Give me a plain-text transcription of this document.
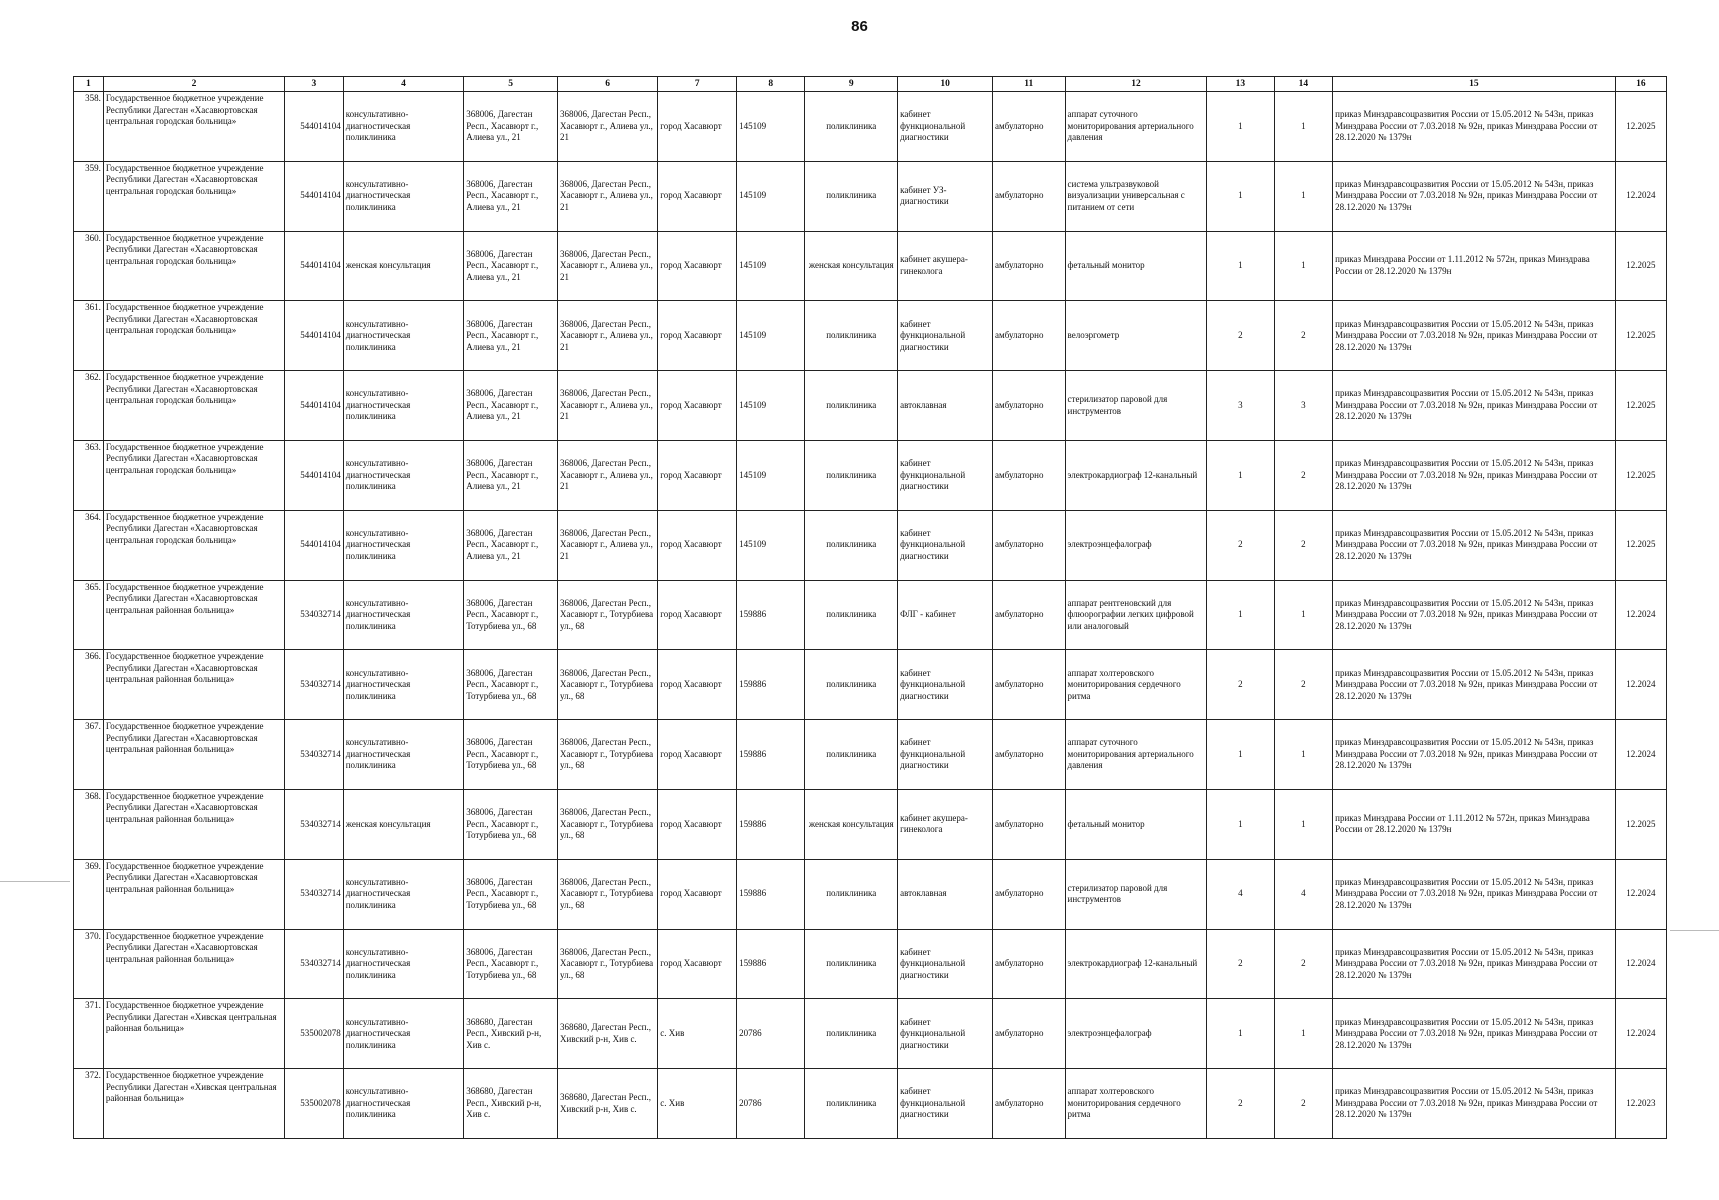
86
1	2	3	4	5	6	7	8	9	10	11	12	13	14	15	16
358.	Государственное бюджетное учреждение Республики Дагестан «Хасавюртовская центральная городская больница»	544014104	консультативно-диагностическая поликлиника	368006, Дагестан Респ., Хасавюрт г., Алиева ул., 21	368006, Дагестан Респ., Хасавюрт г., Алиева ул., 21	город Хасавюрт	145109	поликлиника	кабинет функциональной диагностики	амбулаторно	аппарат суточного мониторирования артериального давления	1	1	приказ Минздравсоцразвития России от 15.05.2012 № 543н, приказ Минздрава России от 7.03.2018 № 92н, приказ Минздрава России от 28.12.2020 № 1379н	12.2025
359.	Государственное бюджетное учреждение Республики Дагестан «Хасавюртовская центральная городская больница»	544014104	консультативно-диагностическая поликлиника	368006, Дагестан Респ., Хасавюрт г., Алиева ул., 21	368006, Дагестан Респ., Хасавюрт г., Алиева ул., 21	город Хасавюрт	145109	поликлиника	кабинет УЗ-диагностики	амбулаторно	система ультразвуковой визуализации универсальная с питанием от сети	1	1	приказ Минздравсоцразвития России от 15.05.2012 № 543н, приказ Минздрава России от 7.03.2018 № 92н, приказ Минздрава России от 28.12.2020 № 1379н	12.2024
360.	Государственное бюджетное учреждение Республики Дагестан «Хасавюртовская центральная городская больница»	544014104	женская консультация	368006, Дагестан Респ., Хасавюрт г., Алиева ул., 21	368006, Дагестан Респ., Хасавюрт г., Алиева ул., 21	город Хасавюрт	145109	женская консультация	кабинет акушера-гинеколога	амбулаторно	фетальный монитор	1	1	приказ Минздрава России от 1.11.2012 № 572н, приказ Минздрава России от 28.12.2020 № 1379н	12.2025
361.	Государственное бюджетное учреждение Республики Дагестан «Хасавюртовская центральная городская больница»	544014104	консультативно-диагностическая поликлиника	368006, Дагестан Респ., Хасавюрт г., Алиева ул., 21	368006, Дагестан Респ., Хасавюрт г., Алиева ул., 21	город Хасавюрт	145109	поликлиника	кабинет функциональной диагностики	амбулаторно	велоэргометр	2	2	приказ Минздравсоцразвития России от 15.05.2012 № 543н, приказ Минздрава России от 7.03.2018 № 92н, приказ Минздрава России от 28.12.2020 № 1379н	12.2025
362.	Государственное бюджетное учреждение Республики Дагестан «Хасавюртовская центральная городская больница»	544014104	консультативно-диагностическая поликлиника	368006, Дагестан Респ., Хасавюрт г., Алиева ул., 21	368006, Дагестан Респ., Хасавюрт г., Алиева ул., 21	город Хасавюрт	145109	поликлиника	автоклавная	амбулаторно	стерилизатор паровой для инструментов	3	3	приказ Минздравсоцразвития России от 15.05.2012 № 543н, приказ Минздрава России от 7.03.2018 № 92н, приказ Минздрава России от 28.12.2020 № 1379н	12.2025
363.	Государственное бюджетное учреждение Республики Дагестан «Хасавюртовская центральная городская больница»	544014104	консультативно-диагностическая поликлиника	368006, Дагестан Респ., Хасавюрт г., Алиева ул., 21	368006, Дагестан Респ., Хасавюрт г., Алиева ул., 21	город Хасавюрт	145109	поликлиника	кабинет функциональной диагностики	амбулаторно	электрокардиограф 12-канальный	1	2	приказ Минздравсоцразвития России от 15.05.2012 № 543н, приказ Минздрава России от 7.03.2018 № 92н, приказ Минздрава России от 28.12.2020 № 1379н	12.2025
364.	Государственное бюджетное учреждение Республики Дагестан «Хасавюртовская центральная городская больница»	544014104	консультативно-диагностическая поликлиника	368006, Дагестан Респ., Хасавюрт г., Алиева ул., 21	368006, Дагестан Респ., Хасавюрт г., Алиева ул., 21	город Хасавюрт	145109	поликлиника	кабинет функциональной диагностики	амбулаторно	электроэнцефалограф	2	2	приказ Минздравсоцразвития России от 15.05.2012 № 543н, приказ Минздрава России от 7.03.2018 № 92н, приказ Минздрава России от 28.12.2020 № 1379н	12.2025
365.	Государственное бюджетное учреждение Республики Дагестан «Хасавюртовская центральная районная больница»	534032714	консультативно-диагностическая поликлиника	368006, Дагестан Респ., Хасавюрт г., Тотурбиева ул., 68	368006, Дагестан Респ., Хасавюрт г., Тотурбиева ул., 68	город Хасавюрт	159886	поликлиника	ФЛГ - кабинет	амбулаторно	аппарат рентгеновский для флюорографии легких цифровой или аналоговый	1	1	приказ Минздравсоцразвития России от 15.05.2012 № 543н, приказ Минздрава России от 7.03.2018 № 92н, приказ Минздрава России от 28.12.2020 № 1379н	12.2024
366.	Государственное бюджетное учреждение Республики Дагестан «Хасавюртовская центральная районная больница»	534032714	консультативно-диагностическая поликлиника	368006, Дагестан Респ., Хасавюрт г., Тотурбиева ул., 68	368006, Дагестан Респ., Хасавюрт г., Тотурбиева ул., 68	город Хасавюрт	159886	поликлиника	кабинет функциональной диагностики	амбулаторно	аппарат холтеровского мониторирования сердечного ритма	2	2	приказ Минздравсоцразвития России от 15.05.2012 № 543н, приказ Минздрава России от 7.03.2018 № 92н, приказ Минздрава России от 28.12.2020 № 1379н	12.2024
367.	Государственное бюджетное учреждение Республики Дагестан «Хасавюртовская центральная районная больница»	534032714	консультативно-диагностическая поликлиника	368006, Дагестан Респ., Хасавюрт г., Тотурбиева ул., 68	368006, Дагестан Респ., Хасавюрт г., Тотурбиева ул., 68	город Хасавюрт	159886	поликлиника	кабинет функциональной диагностики	амбулаторно	аппарат суточного мониторирования артериального давления	1	1	приказ Минздравсоцразвития России от 15.05.2012 № 543н, приказ Минздрава России от 7.03.2018 № 92н, приказ Минздрава России от 28.12.2020 № 1379н	12.2024
368.	Государственное бюджетное учреждение Республики Дагестан «Хасавюртовская центральная районная больница»	534032714	женская консультация	368006, Дагестан Респ., Хасавюрт г., Тотурбиева ул., 68	368006, Дагестан Респ., Хасавюрт г., Тотурбиева ул., 68	город Хасавюрт	159886	женская консультация	кабинет акушера-гинеколога	амбулаторно	фетальный монитор	1	1	приказ Минздрава России от 1.11.2012 № 572н, приказ Минздрава России от 28.12.2020 № 1379н	12.2025
369.	Государственное бюджетное учреждение Республики Дагестан «Хасавюртовская центральная районная больница»	534032714	консультативно-диагностическая поликлиника	368006, Дагестан Респ., Хасавюрт г., Тотурбиева ул., 68	368006, Дагестан Респ., Хасавюрт г., Тотурбиева ул., 68	город Хасавюрт	159886	поликлиника	автоклавная	амбулаторно	стерилизатор паровой для инструментов	4	4	приказ Минздравсоцразвития России от 15.05.2012 № 543н, приказ Минздрава России от 7.03.2018 № 92н, приказ Минздрава России от 28.12.2020 № 1379н	12.2024
370.	Государственное бюджетное учреждение Республики Дагестан «Хасавюртовская центральная районная больница»	534032714	консультативно-диагностическая поликлиника	368006, Дагестан Респ., Хасавюрт г., Тотурбиева ул., 68	368006, Дагестан Респ., Хасавюрт г., Тотурбиева ул., 68	город Хасавюрт	159886	поликлиника	кабинет функциональной диагностики	амбулаторно	электрокардиограф 12-канальный	2	2	приказ Минздравсоцразвития России от 15.05.2012 № 543н, приказ Минздрава России от 7.03.2018 № 92н, приказ Минздрава России от 28.12.2020 № 1379н	12.2024
371.	Государственное бюджетное учреждение Республики Дагестан «Хивская центральная районная больница»	535002078	консультативно-диагностическая поликлиника	368680, Дагестан Респ., Хивский р-н, Хив с.	368680, Дагестан Респ., Хивский р-н, Хив с.	с. Хив	20786	поликлиника	кабинет функциональной диагностики	амбулаторно	электроэнцефалограф	1	1	приказ Минздравсоцразвития России от 15.05.2012 № 543н, приказ Минздрава России от 7.03.2018 № 92н, приказ Минздрава России от 28.12.2020 № 1379н	12.2024
372.	Государственное бюджетное учреждение Республики Дагестан «Хивская центральная районная больница»	535002078	консультативно-диагностическая поликлиника	368680, Дагестан Респ., Хивский р-н, Хив с.	368680, Дагестан Респ., Хивский р-н, Хив с.	с. Хив	20786	поликлиника	кабинет функциональной диагностики	амбулаторно	аппарат холтеровского мониторирования сердечного ритма	2	2	приказ Минздравсоцразвития России от 15.05.2012 № 543н, приказ Минздрава России от 7.03.2018 № 92н, приказ Минздрава России от 28.12.2020 № 1379н	12.2023
